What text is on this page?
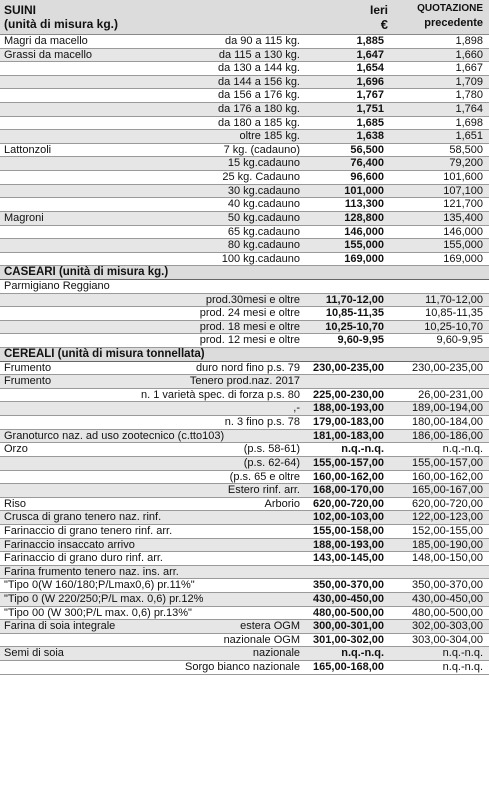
SUINI
(unità di misura kg.)
Ieri
€
QUOTAZIONE
precedente
Magri da macello	da 90 a 115 kg.	1,885	1,898
Grassi da macello	da 115 a 130 kg.	1,647	1,660
da 130 a 144 kg.	1,654	1,667
da 144 a 156 kg.	1,696	1,709
da 156 a 176 kg.	1,767	1,780
da 176 a 180 kg.	1,751	1,764
da 180 a 185 kg.	1,685	1,698
oltre 185 kg.	1,638	1,651
Lattonzoli	7 kg. (cadauno)	56,500	58,500
15 kg.cadauno	76,400	79,200
25 kg. Cadauno	96,600	101,600
30 kg.cadauno	101,000	107,100
40 kg.cadauno	113,300	121,700
Magroni	50 kg.cadauno	128,800	135,400
65 kg.cadauno	146,000	146,000
80 kg.cadauno	155,000	155,000
100 kg.cadauno	169,000	169,000
CASEARI (unità di misura kg.)
Parmigiano Reggiano
prod.30mesi e oltre 11,70-12,00	11,70-12,00
prod. 24 mesi e oltre 10,85-11,35	10,85-11,35
prod. 18 mesi e oltre 10,25-10,70	10,25-10,70
prod. 12 mesi e oltre	9,60-9,95	9,60-9,95
CEREALI (unità di misura tonnellata)
Frumento	duro nord fino p.s. 79 230,00-235,00	230,00-235,00
Frumento	Tenero prod.naz. 2017
n. 1 varietà spec. di forza p.s. 80 225,00-230,00	26,00-231,00
,- 188,00-193,00	189,00-194,00
n. 3 fino p.s. 78 179,00-183,00	180,00-184,00
Granoturco naz. ad uso zootecnico (c.tto103)	181,00-183,00	186,00-186,00
Orzo	(p.s. 58-61)	n.q.-n.q.	n.q.-n.q.
(p.s. 62-64) 155,00-157,00	155,00-157,00
(p.s. 65 e oltre 160,00-162,00	160,00-162,00
Estero rinf. arr. 168,00-170,00	165,00-167,00
Riso	Arborio 620,00-720,00	620,00-720,00
Crusca di grano tenero naz. rinf.	102,00-103,00	122,00-123,00
Farinaccio di grano tenero rinf. arr.	155,00-158,00	152,00-155,00
Farinaccio insaccato arrivo	188,00-193,00	185,00-190,00
Farinaccio di grano duro rinf. arr.	143,00-145,00	148,00-150,00
Farina frumento tenero naz. ins. arr.
"Tipo 0(W 160/180;P/Lmax0,6) pr.11%"	350,00-370,00	350,00-370,00
"Tipo 0 (W 220/250;P/L max. 0,6) pr.12%	430,00-450,00	430,00-450,00
"Tipo 00 (W 300;P/L max. 0,6) pr.13%"	480,00-500,00	480,00-500,00
Farina di soia integrale	estera OGM 300,00-301,00	302,00-303,00
nazionale OGM 301,00-302,00	303,00-304,00
Semi di soia	nazionale	n.q.-n.q.	n.q.-n.q.
Sorgo bianco nazionale 165,00-168,00	n.q.-n.q.
